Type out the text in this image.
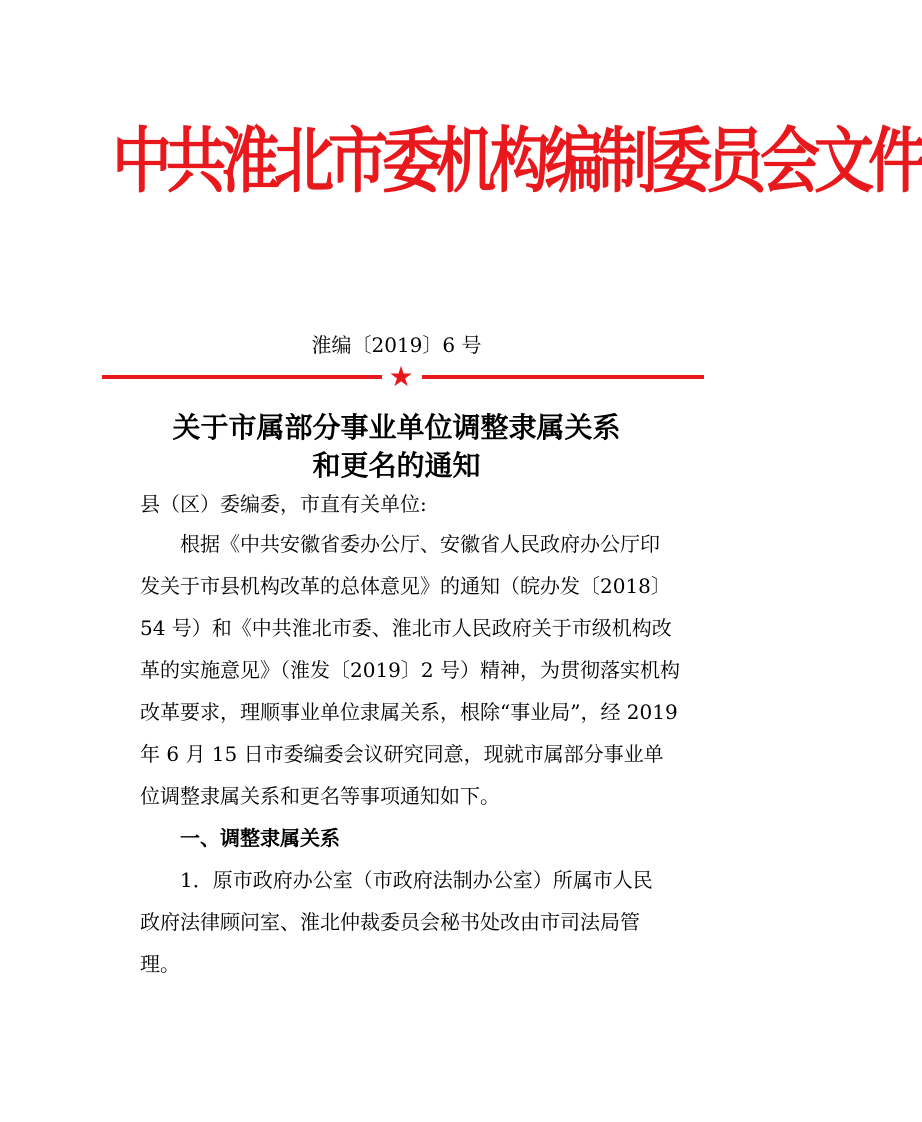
中共淮北市委机构编制委员会文件
淮编〔2019〕6 号
★
关于市属部分事业单位调整隶属关系
和更名的通知
县（区）委编委，市直有关单位:
根据《中共安徽省委办公厅、安徽省人民政府办公厅印
发关于市县机构改革的总体意见》的通知（皖办发〔2018〕
54 号）和《中共淮北市委、淮北市人民政府关于市级机构改
革的实施意见》（淮发〔2019〕2 号）精神，为贯彻落实机构
改革要求，理顺事业单位隶属关系，根除“事业局”，经 2019
年 6 月 15 日市委编委会议研究同意，现就市属部分事业单
位调整隶属关系和更名等事项通知如下。
一、调整隶属关系
1．原市政府办公室（市政府法制办公室）所属市人民
政府法律顾问室、淮北仲裁委员会秘书处改由市司法局管
理。
